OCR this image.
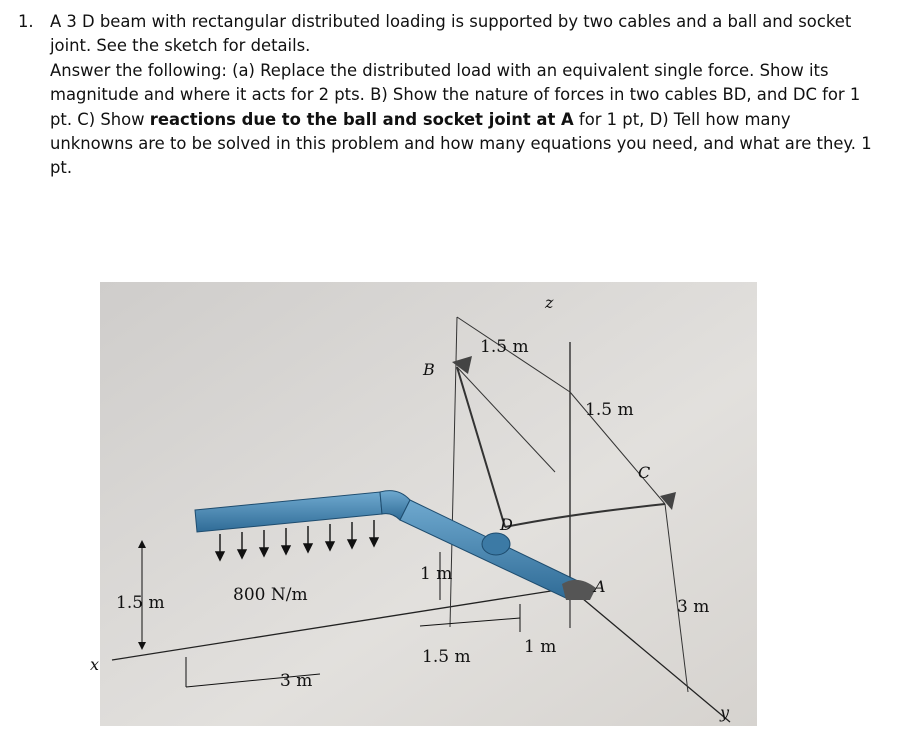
1. A 3 D beam with rectangular distributed loading is supported by two cables and a ball and socket joint. See the sketch for details.

Answer the following: (a) Replace the distributed load with an equivalent single force. Show its magnitude and where it acts for 2 pts. B) Show the nature of forces in two cables BD, and DC for 1 pt. C) Show reactions due to the ball and socket joint at A for 1 pt, D) Tell how many unknowns are to be solved in this problem and how many equations you need, and what are they. 1 pt.

z
1.5 m
B
1.5 m
C
D
1 m
A
1.5 m	800 N/m
3 m
1.5 m	1 m
x
3 m
y
